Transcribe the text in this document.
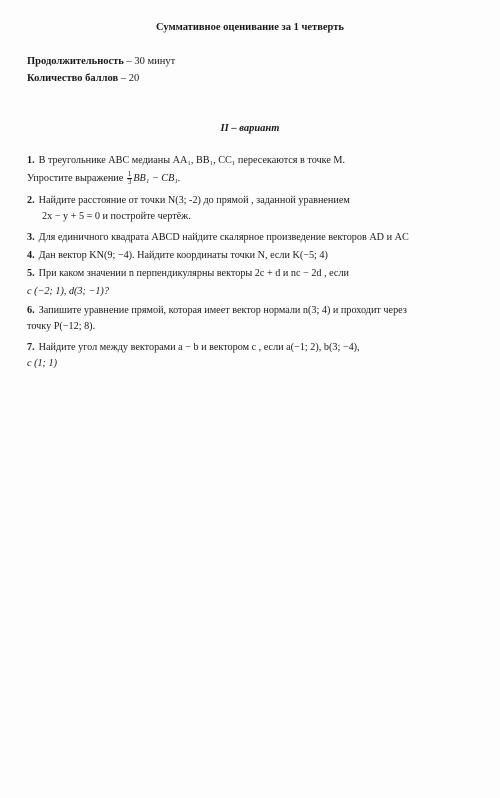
Суммативное оценивание за 1 четверть
Продолжительность – 30 минут
Количество баллов – 20
II – вариант
1. В треугольнике ABC медианы AA₁, BB₁, CC₁ пересекаются в точке M.
Упростите выражение $\frac{1}{3} BB_1 - CB_1$.
2. Найдите расстояние от точки N(3; -2) до прямой , заданной уравнением
2x − y + 5 = 0 и постройте чертёж.
3. Для единичного квадрата ABCD найдите скалярное произведение векторов AD и AC
4. Дан вектор KN(9; −4). Найдите координаты точки N, если K(−5; 4)
5. При каком значении n перпендикулярны векторы 2c + d и nc − 2d , если
c (−2; 1), d(3; −1)?
6. Запишите уравнение прямой, которая имеет вектор нормали n(3; 4) и проходит через
точку P(−12; 8).
7. Найдите угол между векторами a − b и вектором c , если a(−1; 2), b(3; −4),
c (1; 1)
